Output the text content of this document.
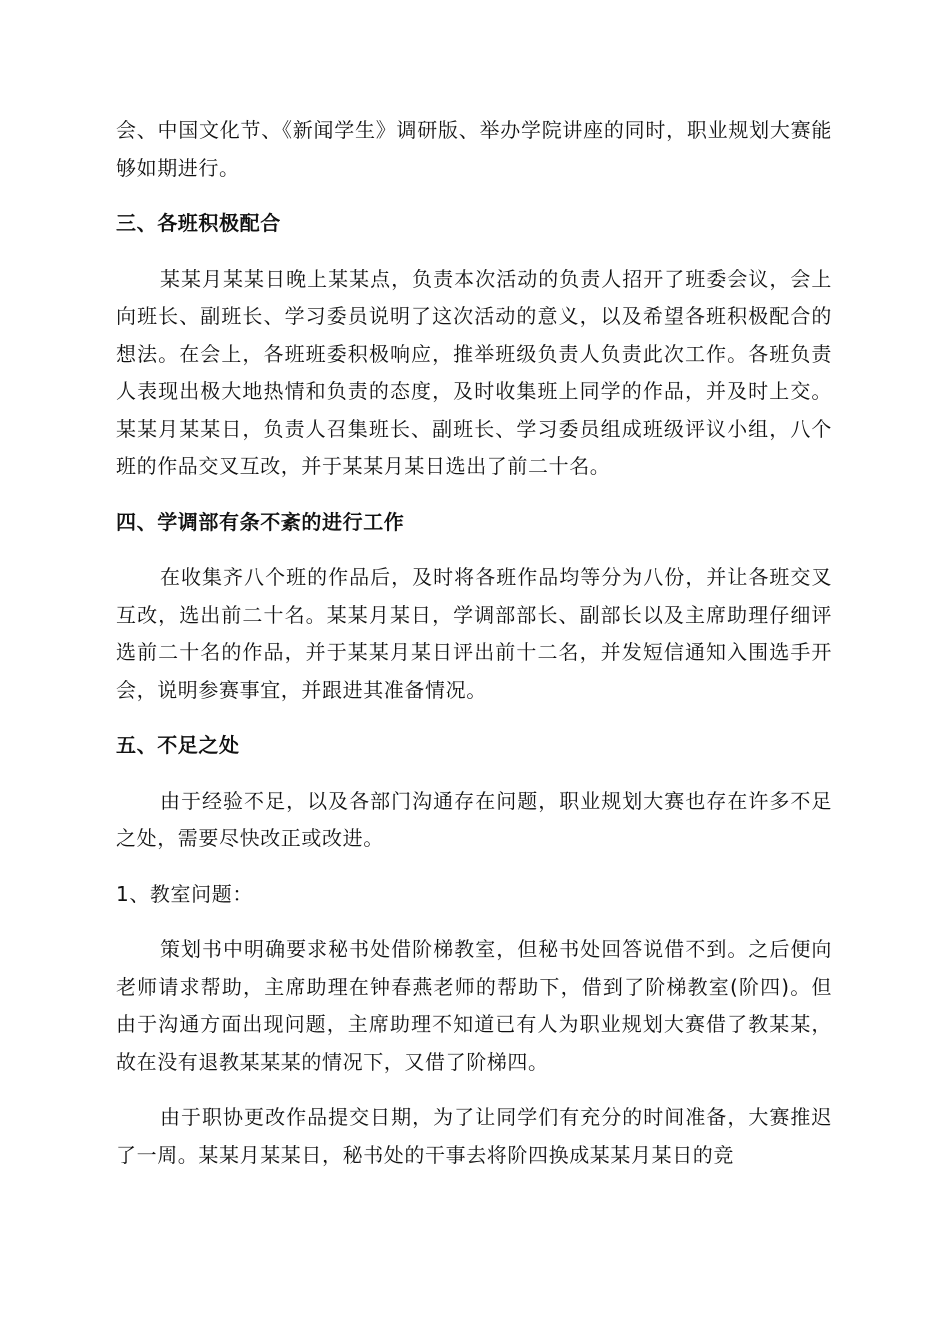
会、中国文化节、《新闻学生》调研版、举办学院讲座的同时，职业规划大赛能够如期进行。

三、各班积极配合

某某月某某日晚上某某点，负责本次活动的负责人招开了班委会议，会上向班长、副班长、学习委员说明了这次活动的意义，以及希望各班积极配合的想法。在会上，各班班委积极响应，推举班级负责人负责此次工作。各班负责人表现出极大地热情和负责的态度，及时收集班上同学的作品，并及时上交。某某月某某日，负责人召集班长、副班长、学习委员组成班级评议小组，八个班的作品交叉互改，并于某某月某日选出了前二十名。

四、学调部有条不紊的进行工作

在收集齐八个班的作品后，及时将各班作品均等分为八份，并让各班交叉互改，选出前二十名。某某月某日，学调部部长、副部长以及主席助理仔细评选前二十名的作品，并于某某月某日评出前十二名，并发短信通知入围选手开会，说明参赛事宜，并跟进其准备情况。

五、不足之处

由于经验不足，以及各部门沟通存在问题，职业规划大赛也存在许多不足之处，需要尽快改正或改进。

1、教室问题：

策划书中明确要求秘书处借阶梯教室，但秘书处回答说借不到。之后便向老师请求帮助，主席助理在钟春燕老师的帮助下，借到了阶梯教室(阶四)。但由于沟通方面出现问题，主席助理不知道已有人为职业规划大赛借了教某某，故在没有退教某某某的情况下，又借了阶梯四。

由于职协更改作品提交日期，为了让同学们有充分的时间准备，大赛推迟了一周。某某月某某日，秘书处的干事去将阶四换成某某月某日的竞
